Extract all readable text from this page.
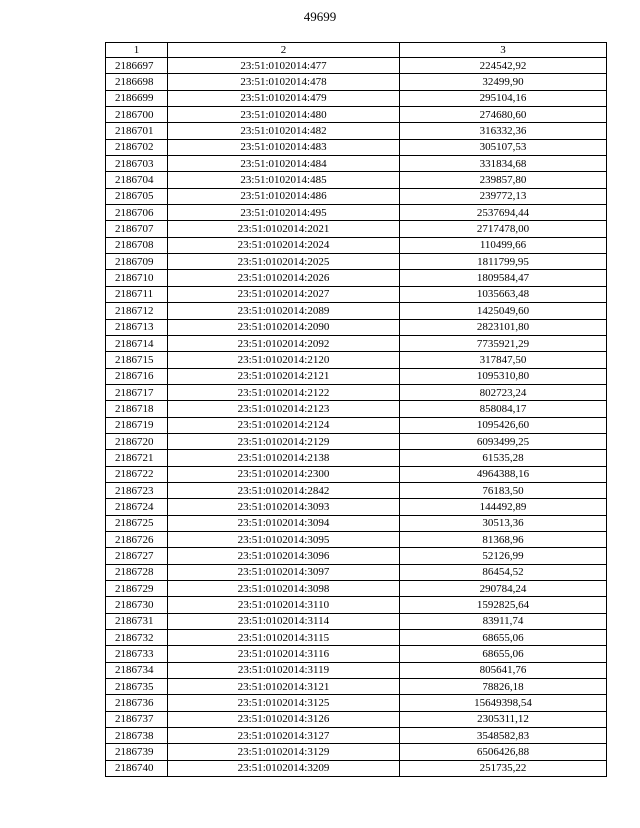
49699
1	2	3
2186697	23:51:0102014:477	224542,92
2186698	23:51:0102014:478	32499,90
2186699	23:51:0102014:479	295104,16
2186700	23:51:0102014:480	274680,60
2186701	23:51:0102014:482	316332,36
2186702	23:51:0102014:483	305107,53
2186703	23:51:0102014:484	331834,68
2186704	23:51:0102014:485	239857,80
2186705	23:51:0102014:486	239772,13
2186706	23:51:0102014:495	2537694,44
2186707	23:51:0102014:2021	2717478,00
2186708	23:51:0102014:2024	110499,66
2186709	23:51:0102014:2025	1811799,95
2186710	23:51:0102014:2026	1809584,47
2186711	23:51:0102014:2027	1035663,48
2186712	23:51:0102014:2089	1425049,60
2186713	23:51:0102014:2090	2823101,80
2186714	23:51:0102014:2092	7735921,29
2186715	23:51:0102014:2120	317847,50
2186716	23:51:0102014:2121	1095310,80
2186717	23:51:0102014:2122	802723,24
2186718	23:51:0102014:2123	858084,17
2186719	23:51:0102014:2124	1095426,60
2186720	23:51:0102014:2129	6093499,25
2186721	23:51:0102014:2138	61535,28
2186722	23:51:0102014:2300	4964388,16
2186723	23:51:0102014:2842	76183,50
2186724	23:51:0102014:3093	144492,89
2186725	23:51:0102014:3094	30513,36
2186726	23:51:0102014:3095	81368,96
2186727	23:51:0102014:3096	52126,99
2186728	23:51:0102014:3097	86454,52
2186729	23:51:0102014:3098	290784,24
2186730	23:51:0102014:3110	1592825,64
2186731	23:51:0102014:3114	83911,74
2186732	23:51:0102014:3115	68655,06
2186733	23:51:0102014:3116	68655,06
2186734	23:51:0102014:3119	805641,76
2186735	23:51:0102014:3121	78826,18
2186736	23:51:0102014:3125	15649398,54
2186737	23:51:0102014:3126	2305311,12
2186738	23:51:0102014:3127	3548582,83
2186739	23:51:0102014:3129	6506426,88
2186740	23:51:0102014:3209	251735,22
